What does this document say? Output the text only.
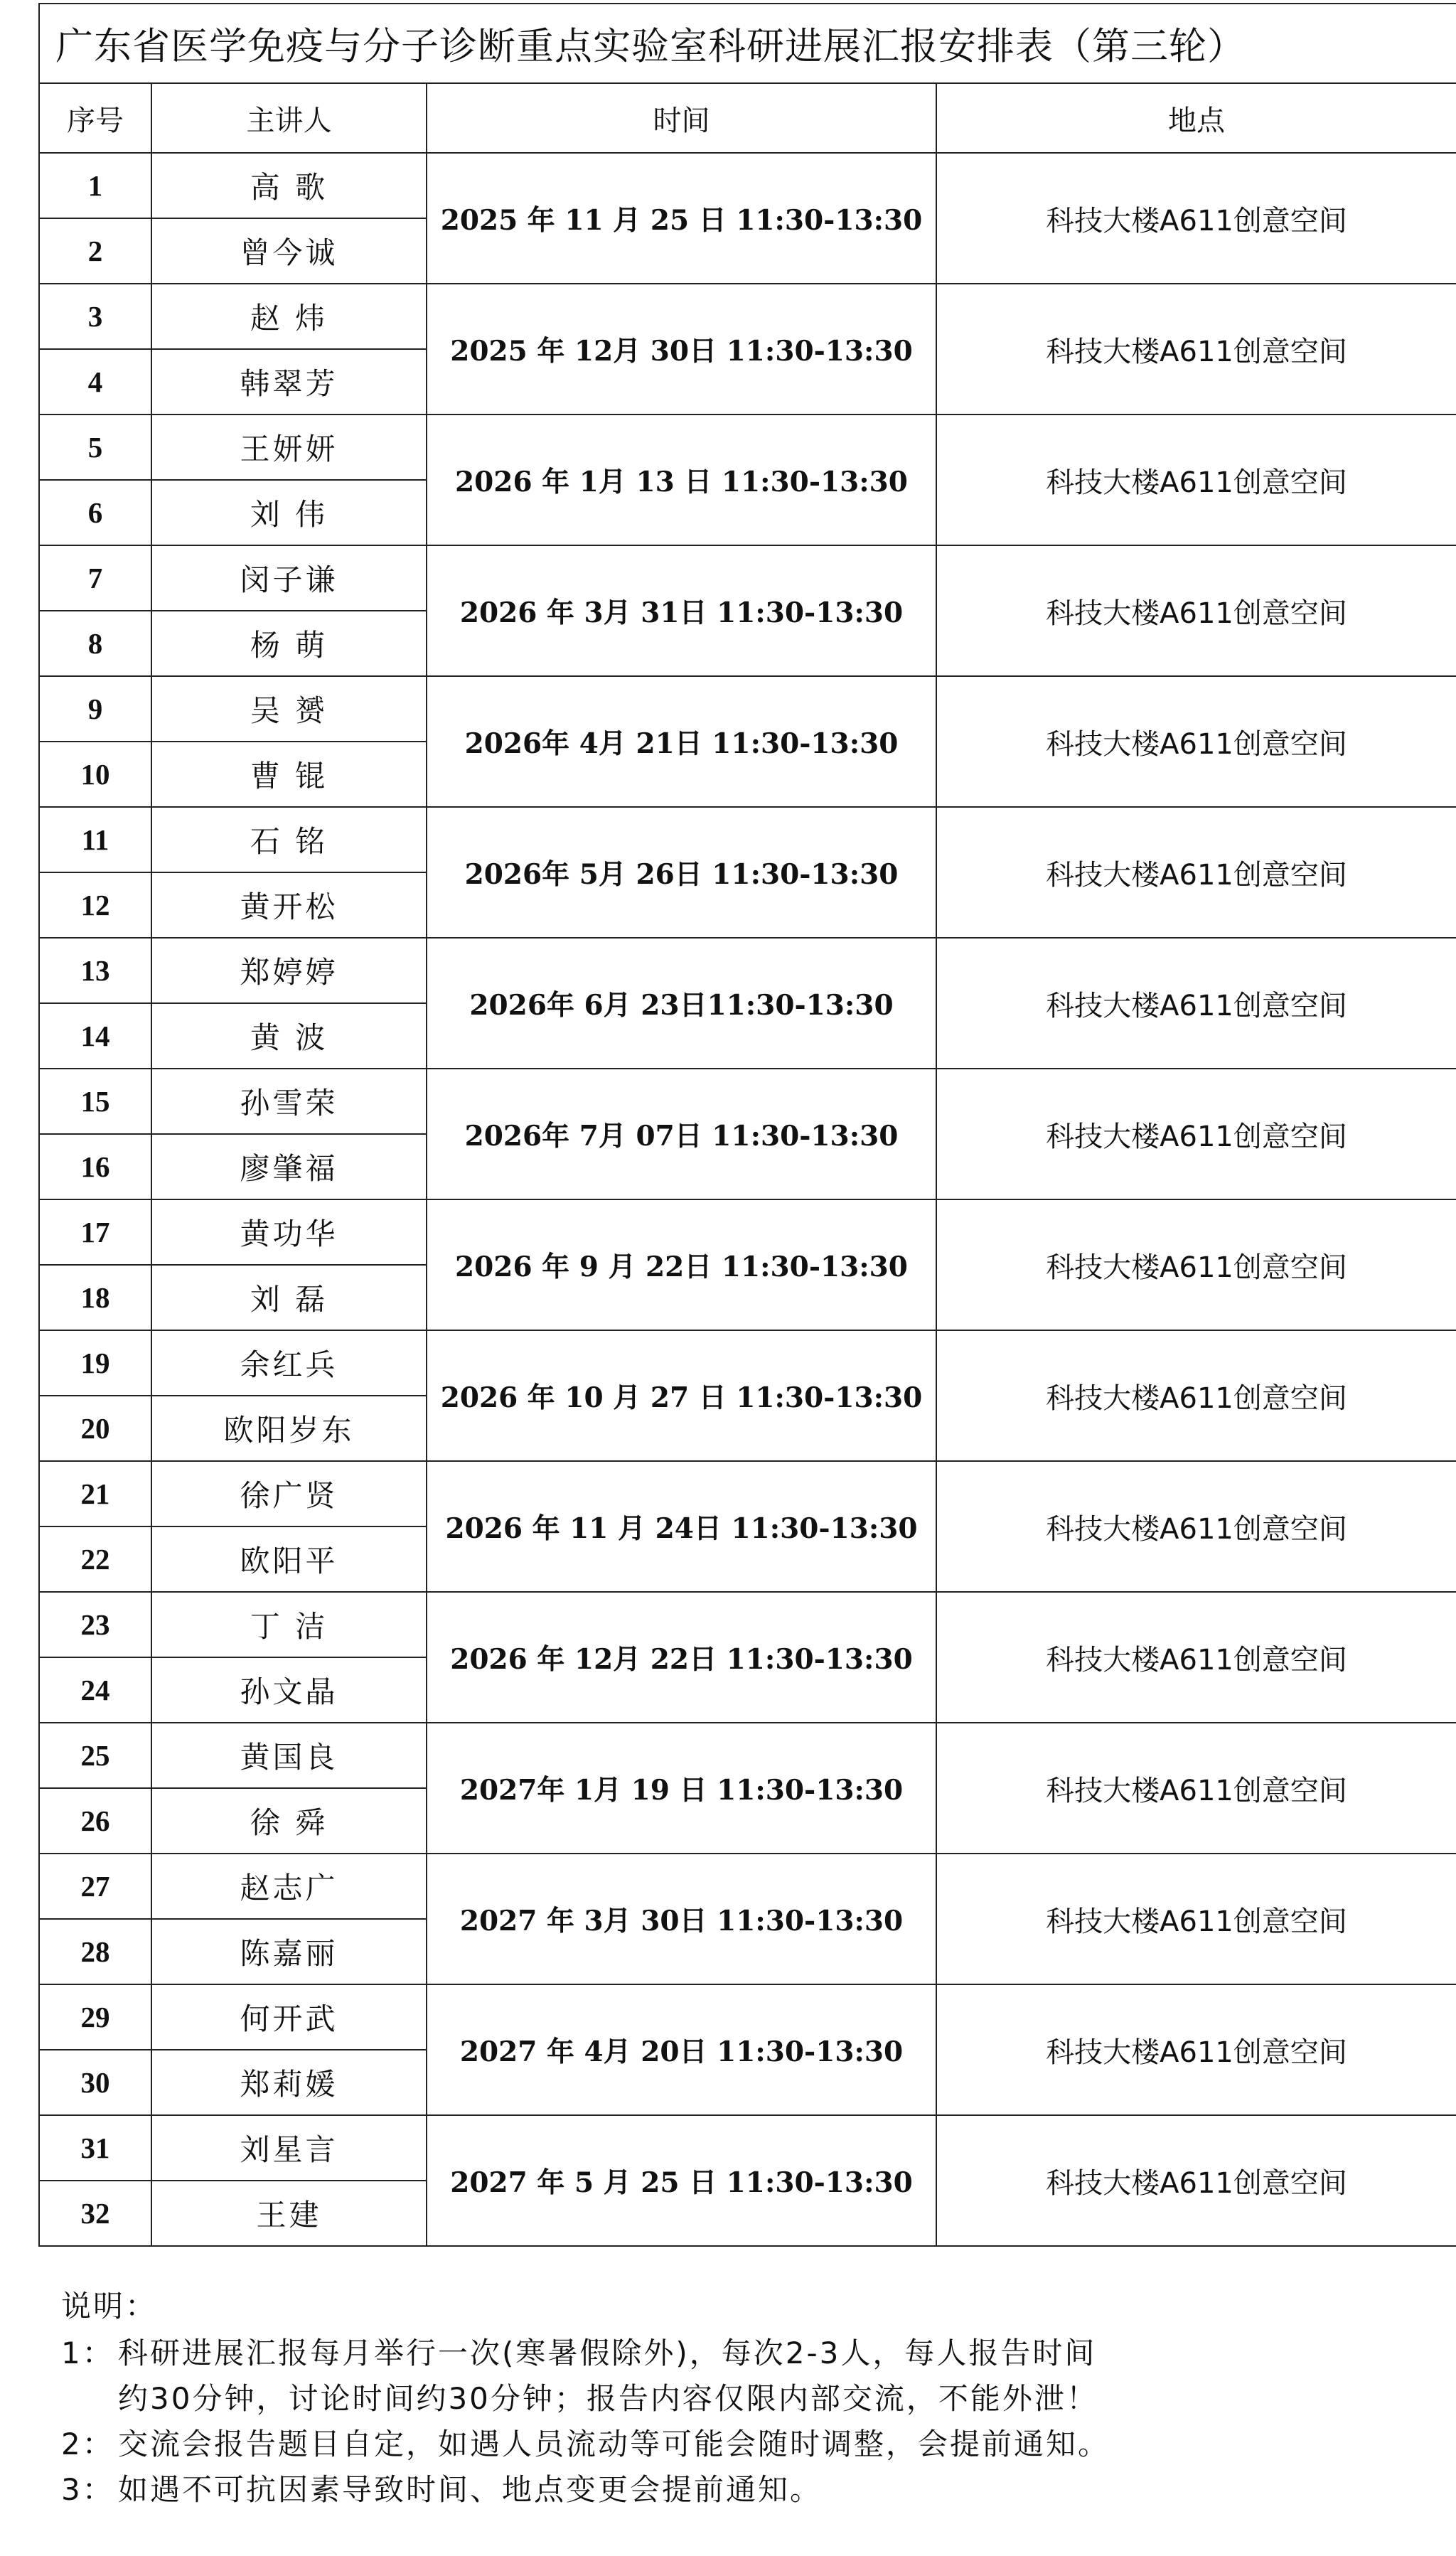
广东省医学免疫与分子诊断重点实验室科研进展汇报安排表（第三轮）			
序号	主讲人	时间	地点
1	高 歌	2025 年 11 月 25 日 11:30-13:30	科技大楼A611创意空间
2	曾今诚		
3	赵 炜	2025 年 12月 30日 11:30-13:30	科技大楼A611创意空间
4	韩翠芳		
5	王妍妍	2026 年 1月 13 日 11:30-13:30	科技大楼A611创意空间
6	刘 伟		
7	闵子谦	2026 年 3月 31日 11:30-13:30	科技大楼A611创意空间
8	杨 萌		
9	吴 赟	2026年 4月 21日 11:30-13:30	科技大楼A611创意空间
10	曹 锟		
11	石 铭	2026年 5月 26日 11:30-13:30	科技大楼A611创意空间
12	黄开松		
13	郑婷婷	2026年 6月 23日11:30-13:30	科技大楼A611创意空间
14	黄 波		
15	孙雪荣	2026年 7月 07日 11:30-13:30	科技大楼A611创意空间
16	廖肇福		
17	黄功华	2026 年 9 月 22日 11:30-13:30	科技大楼A611创意空间
18	刘 磊		
19	余红兵	2026 年 10 月 27 日 11:30-13:30	科技大楼A611创意空间
20	欧阳岁东		
21	徐广贤	2026 年 11 月 24日 11:30-13:30	科技大楼A611创意空间
22	欧阳平		
23	丁 洁	2026 年 12月 22日 11:30-13:30	科技大楼A611创意空间
24	孙文晶		
25	黄国良	2027年 1月 19 日 11:30-13:30	科技大楼A611创意空间
26	徐 舜		
27	赵志广	2027 年 3月 30日 11:30-13:30	科技大楼A611创意空间
28	陈嘉丽		
29	何开武	2027 年 4月 20日 11:30-13:30	科技大楼A611创意空间
30	郑莉媛		
31	刘星言	2027 年 5 月 25 日 11:30-13:30	科技大楼A611创意空间
32	王建		
说明：
1： 科研进展汇报每月举行一次(寒暑假除外)，每次2-3人，每人报告时间
约30分钟，讨论时间约30分钟；报告内容仅限内部交流，不能外泄！
2： 交流会报告题目自定，如遇人员流动等可能会随时调整，会提前通知。
3： 如遇不可抗因素导致时间、地点变更会提前通知。
